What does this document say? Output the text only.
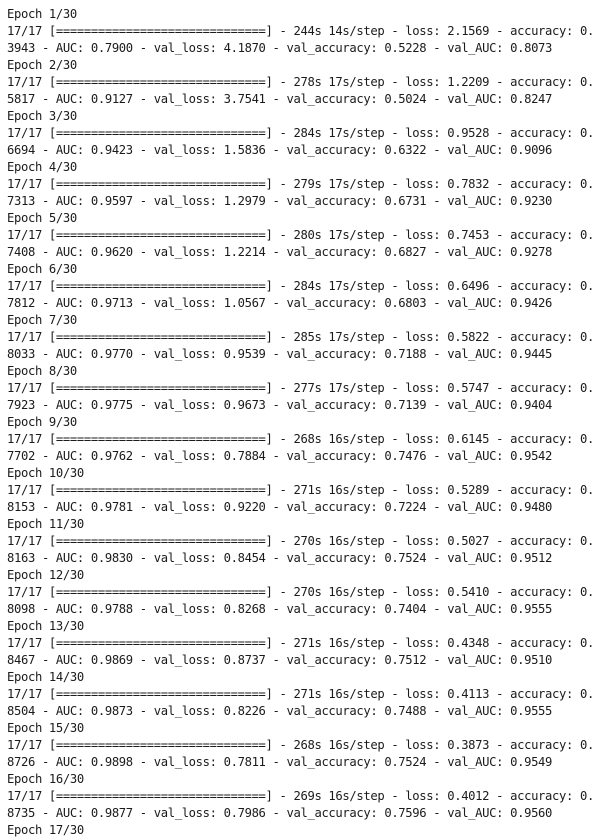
Epoch 1/30
17/17 [==============================] - 244s 14s/step - loss: 2.1569 - accuracy: 0.
3943 - AUC: 0.7900 - val_loss: 4.1870 - val_accuracy: 0.5228 - val_AUC: 0.8073
Epoch 2/30
17/17 [==============================] - 278s 17s/step - loss: 1.2209 - accuracy: 0.
5817 - AUC: 0.9127 - val_loss: 3.7541 - val_accuracy: 0.5024 - val_AUC: 0.8247
Epoch 3/30
17/17 [==============================] - 284s 17s/step - loss: 0.9528 - accuracy: 0.
6694 - AUC: 0.9423 - val_loss: 1.5836 - val_accuracy: 0.6322 - val_AUC: 0.9096
Epoch 4/30
17/17 [==============================] - 279s 17s/step - loss: 0.7832 - accuracy: 0.
7313 - AUC: 0.9597 - val_loss: 1.2979 - val_accuracy: 0.6731 - val_AUC: 0.9230
Epoch 5/30
17/17 [==============================] - 280s 17s/step - loss: 0.7453 - accuracy: 0.
7408 - AUC: 0.9620 - val_loss: 1.2214 - val_accuracy: 0.6827 - val_AUC: 0.9278
Epoch 6/30
17/17 [==============================] - 284s 17s/step - loss: 0.6496 - accuracy: 0.
7812 - AUC: 0.9713 - val_loss: 1.0567 - val_accuracy: 0.6803 - val_AUC: 0.9426
Epoch 7/30
17/17 [==============================] - 285s 17s/step - loss: 0.5822 - accuracy: 0.
8033 - AUC: 0.9770 - val_loss: 0.9539 - val_accuracy: 0.7188 - val_AUC: 0.9445
Epoch 8/30
17/17 [==============================] - 277s 17s/step - loss: 0.5747 - accuracy: 0.
7923 - AUC: 0.9775 - val_loss: 0.9673 - val_accuracy: 0.7139 - val_AUC: 0.9404
Epoch 9/30
17/17 [==============================] - 268s 16s/step - loss: 0.6145 - accuracy: 0.
7702 - AUC: 0.9762 - val_loss: 0.7884 - val_accuracy: 0.7476 - val_AUC: 0.9542
Epoch 10/30
17/17 [==============================] - 271s 16s/step - loss: 0.5289 - accuracy: 0.
8153 - AUC: 0.9781 - val_loss: 0.9220 - val_accuracy: 0.7224 - val_AUC: 0.9480
Epoch 11/30
17/17 [==============================] - 270s 16s/step - loss: 0.5027 - accuracy: 0.
8163 - AUC: 0.9830 - val_loss: 0.8454 - val_accuracy: 0.7524 - val_AUC: 0.9512
Epoch 12/30
17/17 [==============================] - 270s 16s/step - loss: 0.5410 - accuracy: 0.
8098 - AUC: 0.9788 - val_loss: 0.8268 - val_accuracy: 0.7404 - val_AUC: 0.9555
Epoch 13/30
17/17 [==============================] - 271s 16s/step - loss: 0.4348 - accuracy: 0.
8467 - AUC: 0.9869 - val_loss: 0.8737 - val_accuracy: 0.7512 - val_AUC: 0.9510
Epoch 14/30
17/17 [==============================] - 271s 16s/step - loss: 0.4113 - accuracy: 0.
8504 - AUC: 0.9873 - val_loss: 0.8226 - val_accuracy: 0.7488 - val_AUC: 0.9555
Epoch 15/30
17/17 [==============================] - 268s 16s/step - loss: 0.3873 - accuracy: 0.
8726 - AUC: 0.9898 - val_loss: 0.7811 - val_accuracy: 0.7524 - val_AUC: 0.9549
Epoch 16/30
17/17 [==============================] - 269s 16s/step - loss: 0.4012 - accuracy: 0.
8735 - AUC: 0.9877 - val_loss: 0.7986 - val_accuracy: 0.7596 - val_AUC: 0.9560
Epoch 17/30
